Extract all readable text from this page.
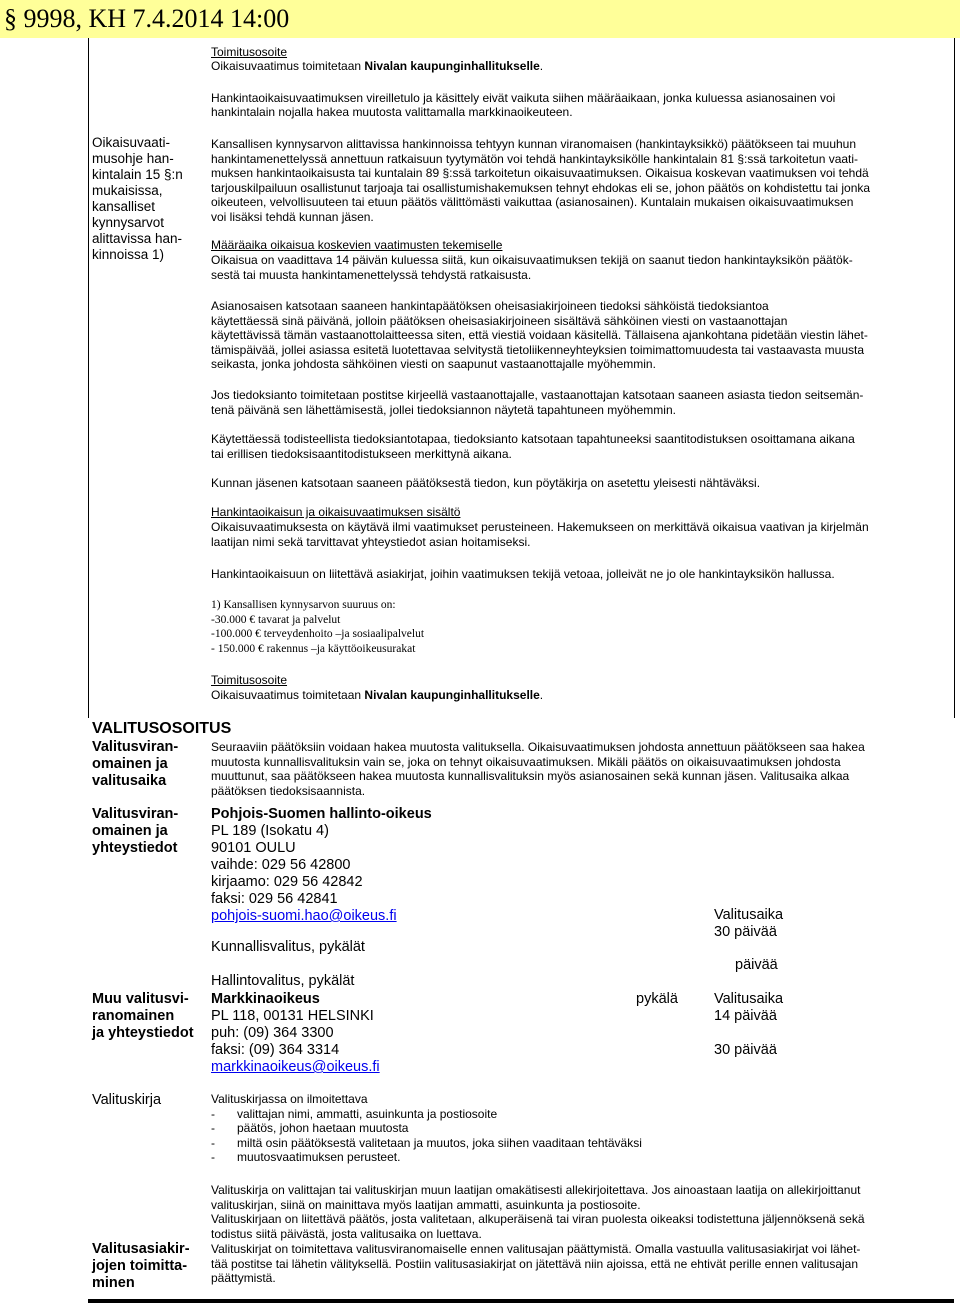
§ 9998, KH 7.4.2014 14:00
Toimitusosoite
Oikaisuvaatimus toimitetaan Nivalan kaupunginhallitukselle.
Hankintaoikaisuvaatimuksen vireilletulo ja käsittely eivät vaikuta siihen määräaikaan, jonka kuluessa asianosainen voi
hankintalain nojalla hakea muutosta valittamalla markkinaoikeuteen.
Oikaisuvaati-
musohje han-
kintalain 15 §:n
mukaisissa,
kansalliset
kynnysarvot
alittavissa han-
kinnoissa 1)
Kansallisen kynnysarvon alittavissa hankinnoissa tehtyyn kunnan viranomaisen (hankintayksikkö) päätökseen tai muuhun
hankintamenettelyssä annettuun ratkaisuun tyytymätön voi tehdä hankintayksikölle hankintalain 81 §:ssä tarkoitetun vaati-
muksen hankintaoikaisusta tai kuntalain 89 §:ssä tarkoitetun oikaisuvaatimuksen. Oikaisua koskevan vaatimuksen voi tehdä
tarjouskilpailuun osallistunut tarjoaja tai osallistumishakemuksen tehnyt ehdokas eli se, johon päätös on kohdistettu tai jonka
oikeuteen, velvollisuuteen tai etuun päätös välittömästi vaikuttaa (asianosainen). Kuntalain mukaisen oikaisuvaatimuksen
voi lisäksi tehdä kunnan jäsen.
Määräaika oikaisua koskevien vaatimusten tekemiselle
Oikaisua on vaadittava 14 päivän kuluessa siitä, kun oikaisuvaatimuksen tekijä on saanut tiedon hankintayksikön päätök-
sestä tai muusta hankintamenettelyssä tehdystä ratkaisusta.
Asianosaisen katsotaan saaneen hankintapäätöksen oheisasiakirjoineen tiedoksi sähköistä tiedoksiantoa
käytettäessä sinä päivänä, jolloin päätöksen oheisasiakirjoineen sisältävä sähköinen viesti on vastaanottajan
käytettävissä tämän vastaanottolaitteessa siten, että viestiä voidaan käsitellä. Tällaisena ajankohtana pidetään viestin lähet-
tämispäivää, jollei asiassa esitetä luotettavaa selvitystä tietoliikenneyhteyksien toimimattomuudesta tai vastaavasta muusta
seikasta, jonka johdosta sähköinen viesti on saapunut vastaanottajalle myöhemmin.
Jos tiedoksianto toimitetaan postitse kirjeellä vastaanottajalle, vastaanottajan katsotaan saaneen asiasta tiedon seitsemän-
tenä päivänä sen lähettämisestä, jollei tiedoksiannon näytetä tapahtuneen myöhemmin.
Käytettäessä todisteellista tiedoksiantotapaa, tiedoksianto katsotaan tapahtuneeksi saantitodistuksen osoittamana aikana
tai erillisen tiedoksisaantitodistukseen merkittynä aikana.
Kunnan jäsenen katsotaan saaneen päätöksestä tiedon, kun pöytäkirja on asetettu yleisesti nähtäväksi.
Hankintaoikaisun ja oikaisuvaatimuksen sisältö
Oikaisuvaatimuksesta on käytävä ilmi vaatimukset perusteineen. Hakemukseen on merkittävä oikaisua vaativan ja kirjelmän
laatijan nimi sekä tarvittavat yhteystiedot asian hoitamiseksi.
Hankintaoikaisuun on liitettävä asiakirjat, joihin vaatimuksen tekijä vetoaa, jolleivät ne jo ole hankintayksikön hallussa.
1) Kansallisen kynnysarvon suuruus on:
-30.000 € tavarat ja palvelut
-100.000 € terveydenhoito –ja sosiaalipalvelut
- 150.000 € rakennus –ja käyttöoikeusurakat
Toimitusosoite
Oikaisuvaatimus toimitetaan Nivalan kaupunginhallitukselle.
VALITUSOSOITUS
Valitusviran-
omainen ja
valitusaika
Seuraaviin päätöksiin voidaan hakea muutosta valituksella. Oikaisuvaatimuksen johdosta annettuun päätökseen saa hakea
muutosta kunnallisvalituksin vain se, joka on tehnyt oikaisuvaatimuksen. Mikäli päätös on oikaisuvaatimuksen johdosta
muuttunut, saa päätökseen hakea muutosta kunnallisvalituksin myös asianosainen sekä kunnan jäsen. Valitusaika alkaa
päätöksen tiedoksisaannista.
Valitusviran-
omainen ja
yhteystiedot
Pohjois-Suomen hallinto-oikeus
PL 189 (Isokatu 4)
90101 OULU
vaihde: 029 56 42800
kirjaamo: 029 56 42842
faksi: 029 56 42841
pohjois-suomi.hao@oikeus.fi
Kunnallisvalitus, pykälät
Hallintovalitus, pykälät
Valitusaika
30 päivää
päivää
Muu valitusvi-
ranomainen
ja yhteystiedot
Markkinaoikeus
PL 118, 00131 HELSINKI
puh: (09) 364 3300
faksi: (09) 364 3314
markkinaoikeus@oikeus.fi
pykälä Valitusaika
14 päivää
30 päivää
Valituskirja	Valituskirjassa on ilmoitettava
- valittajan nimi, ammatti, asuinkunta ja postiosoite
- päätös, johon haetaan muutosta
- miltä osin päätöksestä valitetaan ja muutos, joka siihen vaaditaan tehtäväksi
- muutosvaatimuksen perusteet.
Valituskirja on valittajan tai valituskirjan muun laatijan omakätisesti allekirjoitettava. Jos ainoastaan laatija on allekirjoittanut
valituskirjan, siinä on mainittava myös laatijan ammatti, asuinkunta ja postiosoite.
Valituskirjaan on liitettävä päätös, josta valitetaan, alkuperäisenä tai viran puolesta oikeaksi todistettuna jäljennöksenä sekä
todistus siitä päivästä, josta valitusaika on luettava.
Valitusasiakir-
jojen toimitta-
minen
Valituskirjat on toimitettava valitusviranomaiselle ennen valitusajan päättymistä. Omalla vastuulla valitusasiakirjat voi lähet-
tää postitse tai lähetin välityksellä. Postiin valitusasiakirjat on jätettävä niin ajoissa, että ne ehtivät perille ennen valitusajan
päättymistä.
